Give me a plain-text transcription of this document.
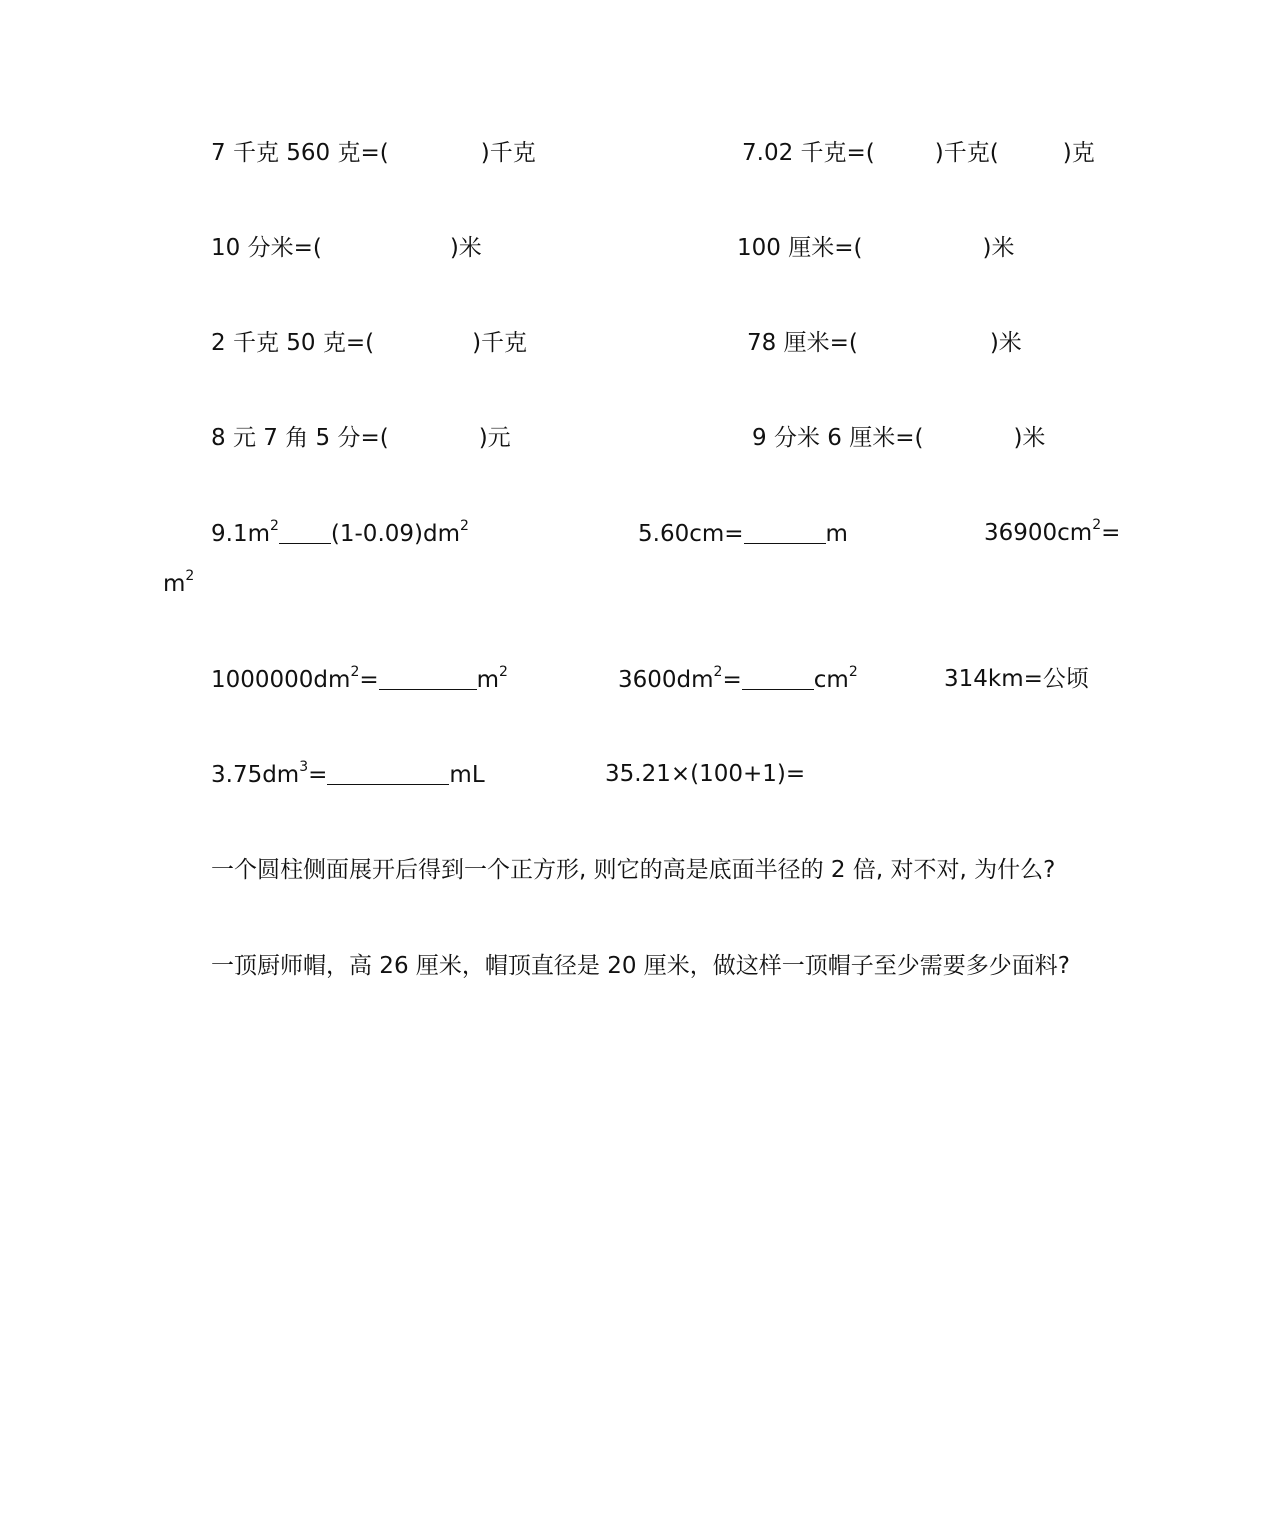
7 千克 560 克=(	)千克	7.02 千克=(	)千克(	)克
10 分米=(	)米	100 厘米=(	)米
2 千克 50 克=(	)千克	78 厘米=(	)米
8 元 7 角 5 分=(	)元	9 分米 6 厘米=(	)米
$9.1m^2$ $(1-0.09)dm^2$	5.60cm=	m	$36900cm^2=$
$m^2$
$1000000dm^2=$	$m^2$	$3600dm^2=$	$cm^2$	314km=公顷
$3.75dm^3=$	mL	35.21×(100+1)=
一个圆柱侧面展开后得到一个正方形, 则它的高是底面半径的 2 倍, 对不对, 为什么?
一顶厨师帽，高 26 厘米，帽顶直径是 20 厘米，做这样一顶帽子至少需要多少面料?
